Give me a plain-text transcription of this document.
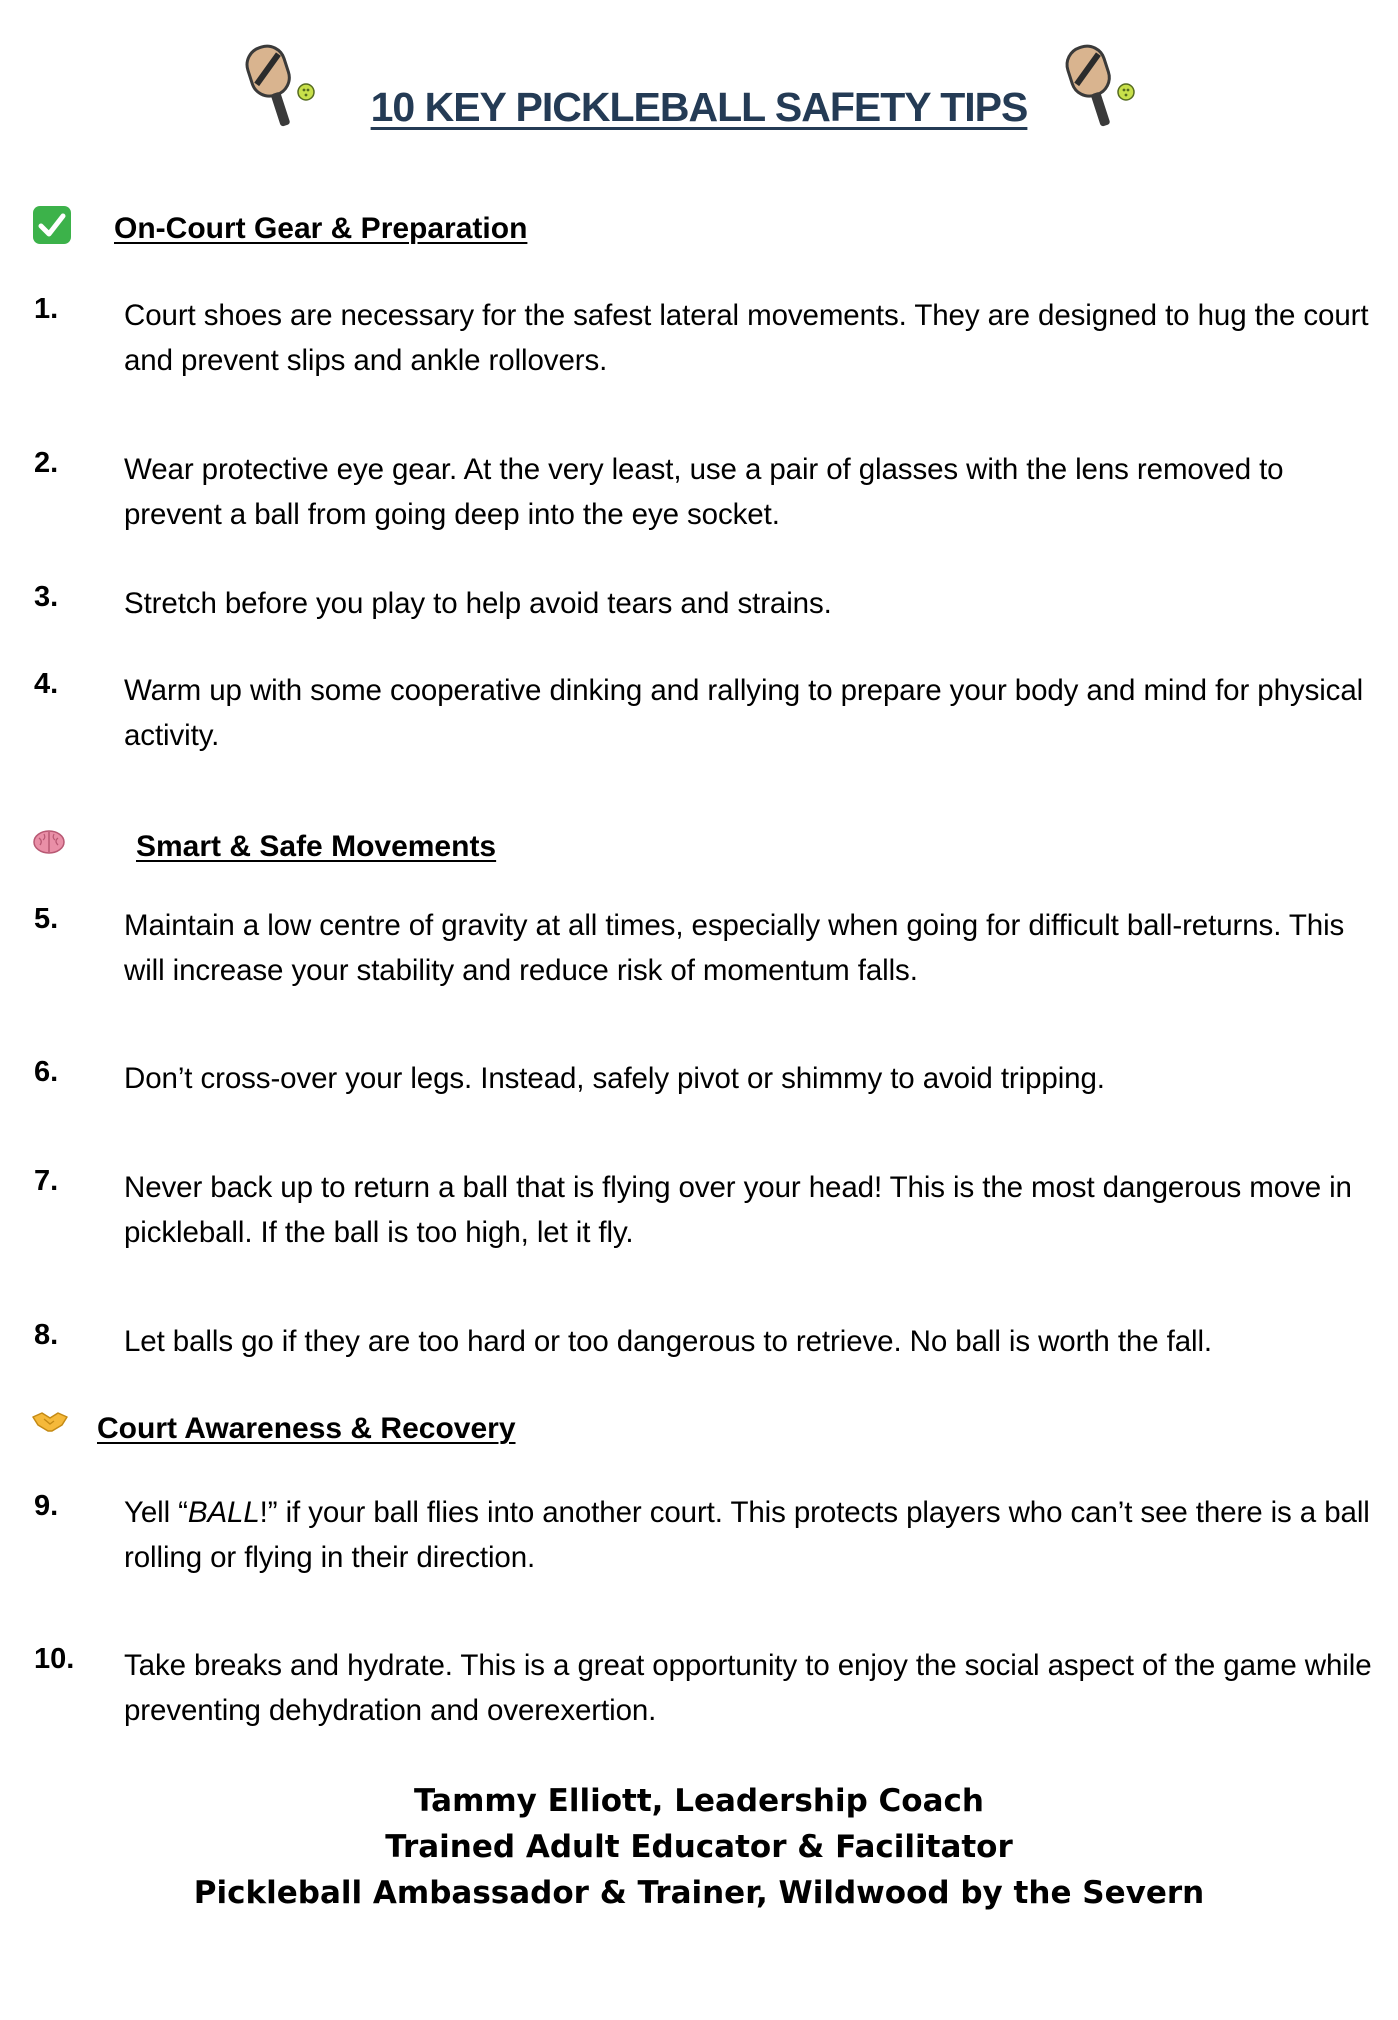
10 KEY PICKLEBALL SAFETY TIPS
On-Court Gear & Preparation
1. Court shoes are necessary for the safest lateral movements. They are designed to hug the court and prevent slips and ankle rollovers.
2. Wear protective eye gear. At the very least, use a pair of glasses with the lens removed to prevent a ball from going deep into the eye socket.
3. Stretch before you play to help avoid tears and strains.
4. Warm up with some cooperative dinking and rallying to prepare your body and mind for physical activity.
Smart & Safe Movements
5. Maintain a low centre of gravity at all times, especially when going for difficult ball-returns. This will increase your stability and reduce risk of momentum falls.
6. Don’t cross-over your legs. Instead, safely pivot or shimmy to avoid tripping.
7. Never back up to return a ball that is flying over your head! This is the most dangerous move in pickleball. If the ball is too high, let it fly.
8. Let balls go if they are too hard or too dangerous to retrieve. No ball is worth the fall.
Court Awareness & Recovery
9. Yell “BALL!” if your ball flies into another court. This protects players who can’t see there is a ball rolling or flying in their direction.
10. Take breaks and hydrate. This is a great opportunity to enjoy the social aspect of the game while preventing dehydration and overexertion.
Tammy Elliott, Leadership Coach
Trained Adult Educator & Facilitator
Pickleball Ambassador & Trainer, Wildwood by the Severn
